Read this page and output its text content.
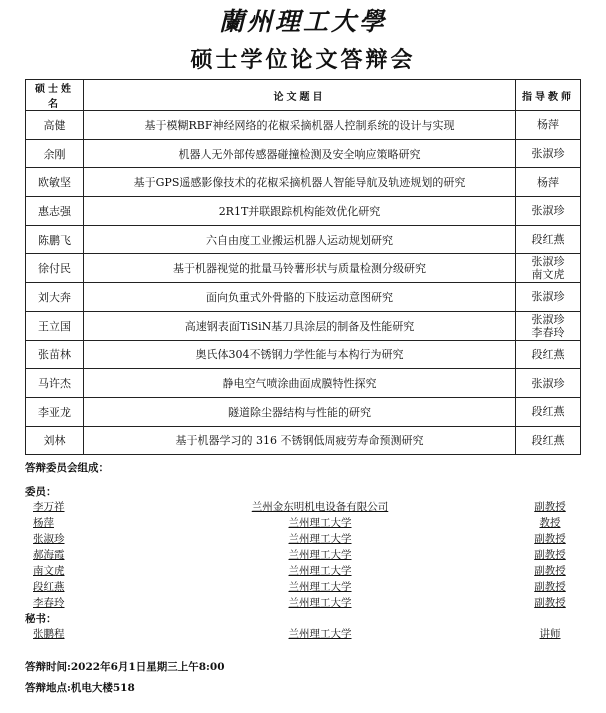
蘭州理工大學
硕士学位论文答辩会
硕士姓名	论文题目	指导教师
高健	基于模糊RBF神经网络的花椒采摘机器人控制系统的设计与实现	杨萍

余刚	机器人无外部传感器碰撞检测及安全响应策略研究	张淑珍

欧敏坚	基于GPS遥感影像技术的花椒采摘机器人智能导航及轨迹规划的研究	杨萍

惠志强	2R1T并联跟踪机构能效优化研究	张淑珍

陈鹏飞	六自由度工业搬运机器人运动规划研究	段红燕

徐付民	基于机器视觉的批量马铃薯形状与质量检测分级研究	张淑珍
南文虎

刘大奔	面向负重式外骨骼的下肢运动意图研究	张淑珍

王立国	高速钢表面TiSiN基刀具涂层的制备及性能研究	张淑珍
李春玲

张苗林	奥氏体304不锈钢力学性能与本构行为研究	段红燕

马许杰	静电空气喷涂曲面成膜特性探究	张淑珍

李亚龙	隧道除尘器结构与性能的研究	段红燕

刘林	基于机器学习的 316 不锈钢低周疲劳寿命预测研究	段红燕
答辩委员会组成：
委员：
李万祥	兰州金东明机电设备有限公司	副教授
杨萍	兰州理工大学	教授
张淑珍	兰州理工大学	副教授
郝海霞	兰州理工大学	副教授
南文虎	兰州理工大学	副教授
段红燕	兰州理工大学	副教授
李春玲	兰州理工大学	副教授
秘书：
张鹏程	兰州理工大学	讲师
答辩时间:2022年6月1日星期三上午8:00
答辩地点:机电大楼518
